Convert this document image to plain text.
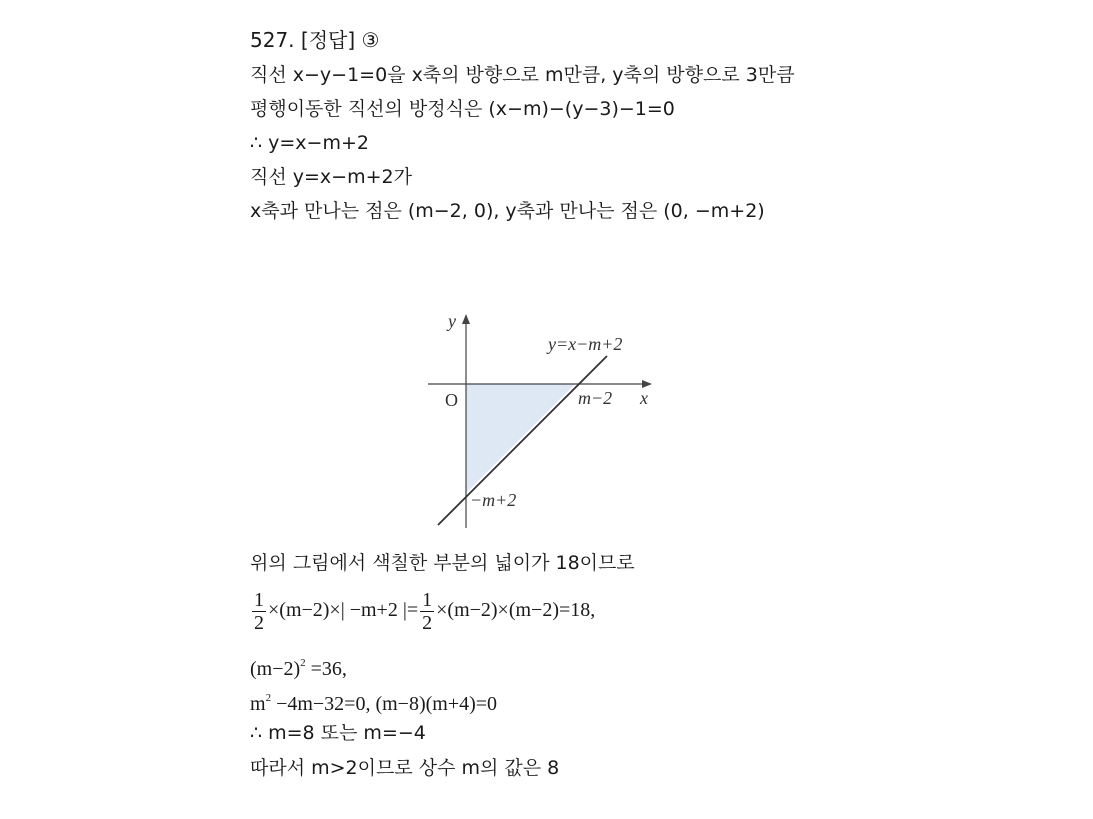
527. [정답] ③
직선 x−y−1=0을 x축의 방향으로 m만큼, y축의 방향으로 3만큼
평행이동한 직선의 방정식은 (x−m)−(y−3)−1=0
∴ y=x−m+2
직선 y=x−m+2가
x축과 만나는 점은 (m−2, 0), y축과 만나는 점은 (0, −m+2)
y
x
O
y=x−m+2
m−2
−m+2
위의 그림에서 색칠한 부분의 넓이가 18이므로
$\frac{1}{2} \times(m-2)\times| -m+2$ |= $\frac{1}{2} \times(m-2)\times(m-2)=18$,
$(m-2)^2 =36$,
$m^2 -4m-32=0$, (m−8)(m+4)=0
∴ m=8 또는 m=−4
따라서 m>2이므로 상수 m의 값은 8
